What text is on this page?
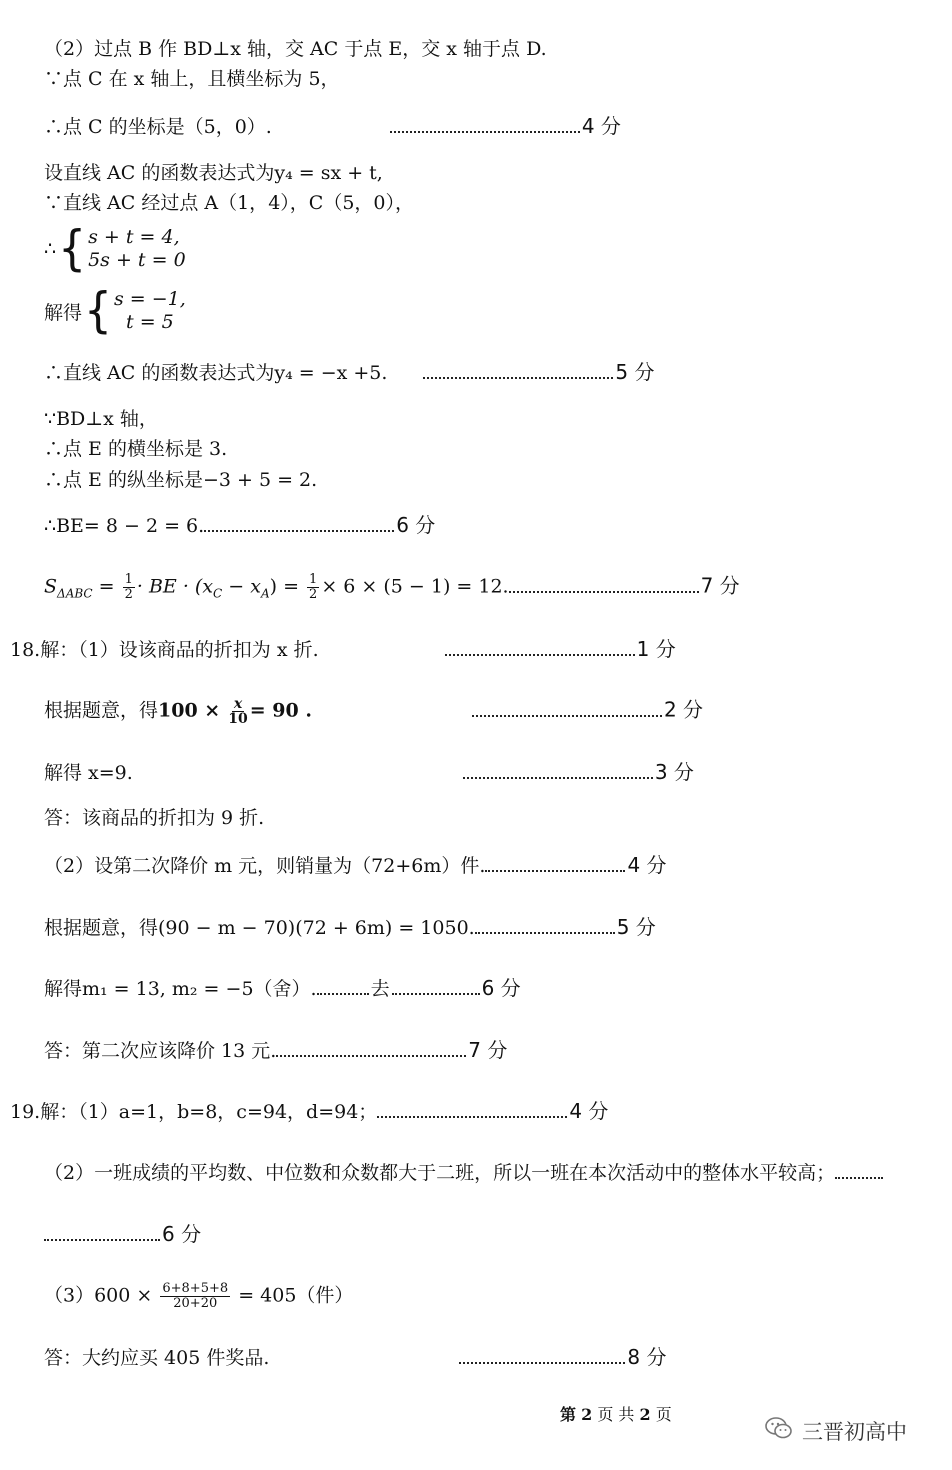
（2）过点 B 作 BD⊥x 轴，交 AC 于点 E，交 x 轴于点 D.
∵点 C 在 x 轴上，且横坐标为 5，
∴点 C 的坐标是（5，0）.	4 分
设直线 AC 的函数表达式为y₄ = sx + t,
∵直线 AC 经过点 A（1，4），C（5，0），
∴ { s + t = 4,
5s + t = 0
解得 { s = −1,
t = 5
∴直线 AC 的函数表达式为y₄ = −x +5.	5 分
∵BD⊥x 轴，
∴点 E 的横坐标是 3.
∴点 E 的纵坐标是−3 + 5 = 2.
∴BE= 8 − 2 = 6.	6 分
$S_{\Delta ABC} = \frac{1}{2}$ · BE · $(x_C - x_A) = \frac{1}{2} \times 6 \times (5 - 1) = 12$.	7 分
18.解：（1）设该商品的折扣为 x 折.	1 分
根据题意，得$100 \times \frac{x}{10} = 90$ .	2 分
解得 x=9.	3 分
答：该商品的折扣为 9 折.
（2）设第二次降价 m 元，则销量为（72+6m）件.	4 分
根据题意，得(90 − m − 70)(72 + 6m) = 1050.	5 分
解得m₁ = 13, m₂ = −5（舍）.	去	6 分
答：第二次应该降价 13 元.	7 分
19.解：（1）a=1，b=8，c=94，d=94；	4 分
（2）一班成绩的平均数、中位数和众数都大于二班，所以一班在本次活动中的整体水平较高；
6 分
$(3)600 \times \frac{6+8+5+8}{20+20} = 405$（件）
答：大约应买 405 件奖品.	8 分
第 2 页 共 2 页
三晋初高中
